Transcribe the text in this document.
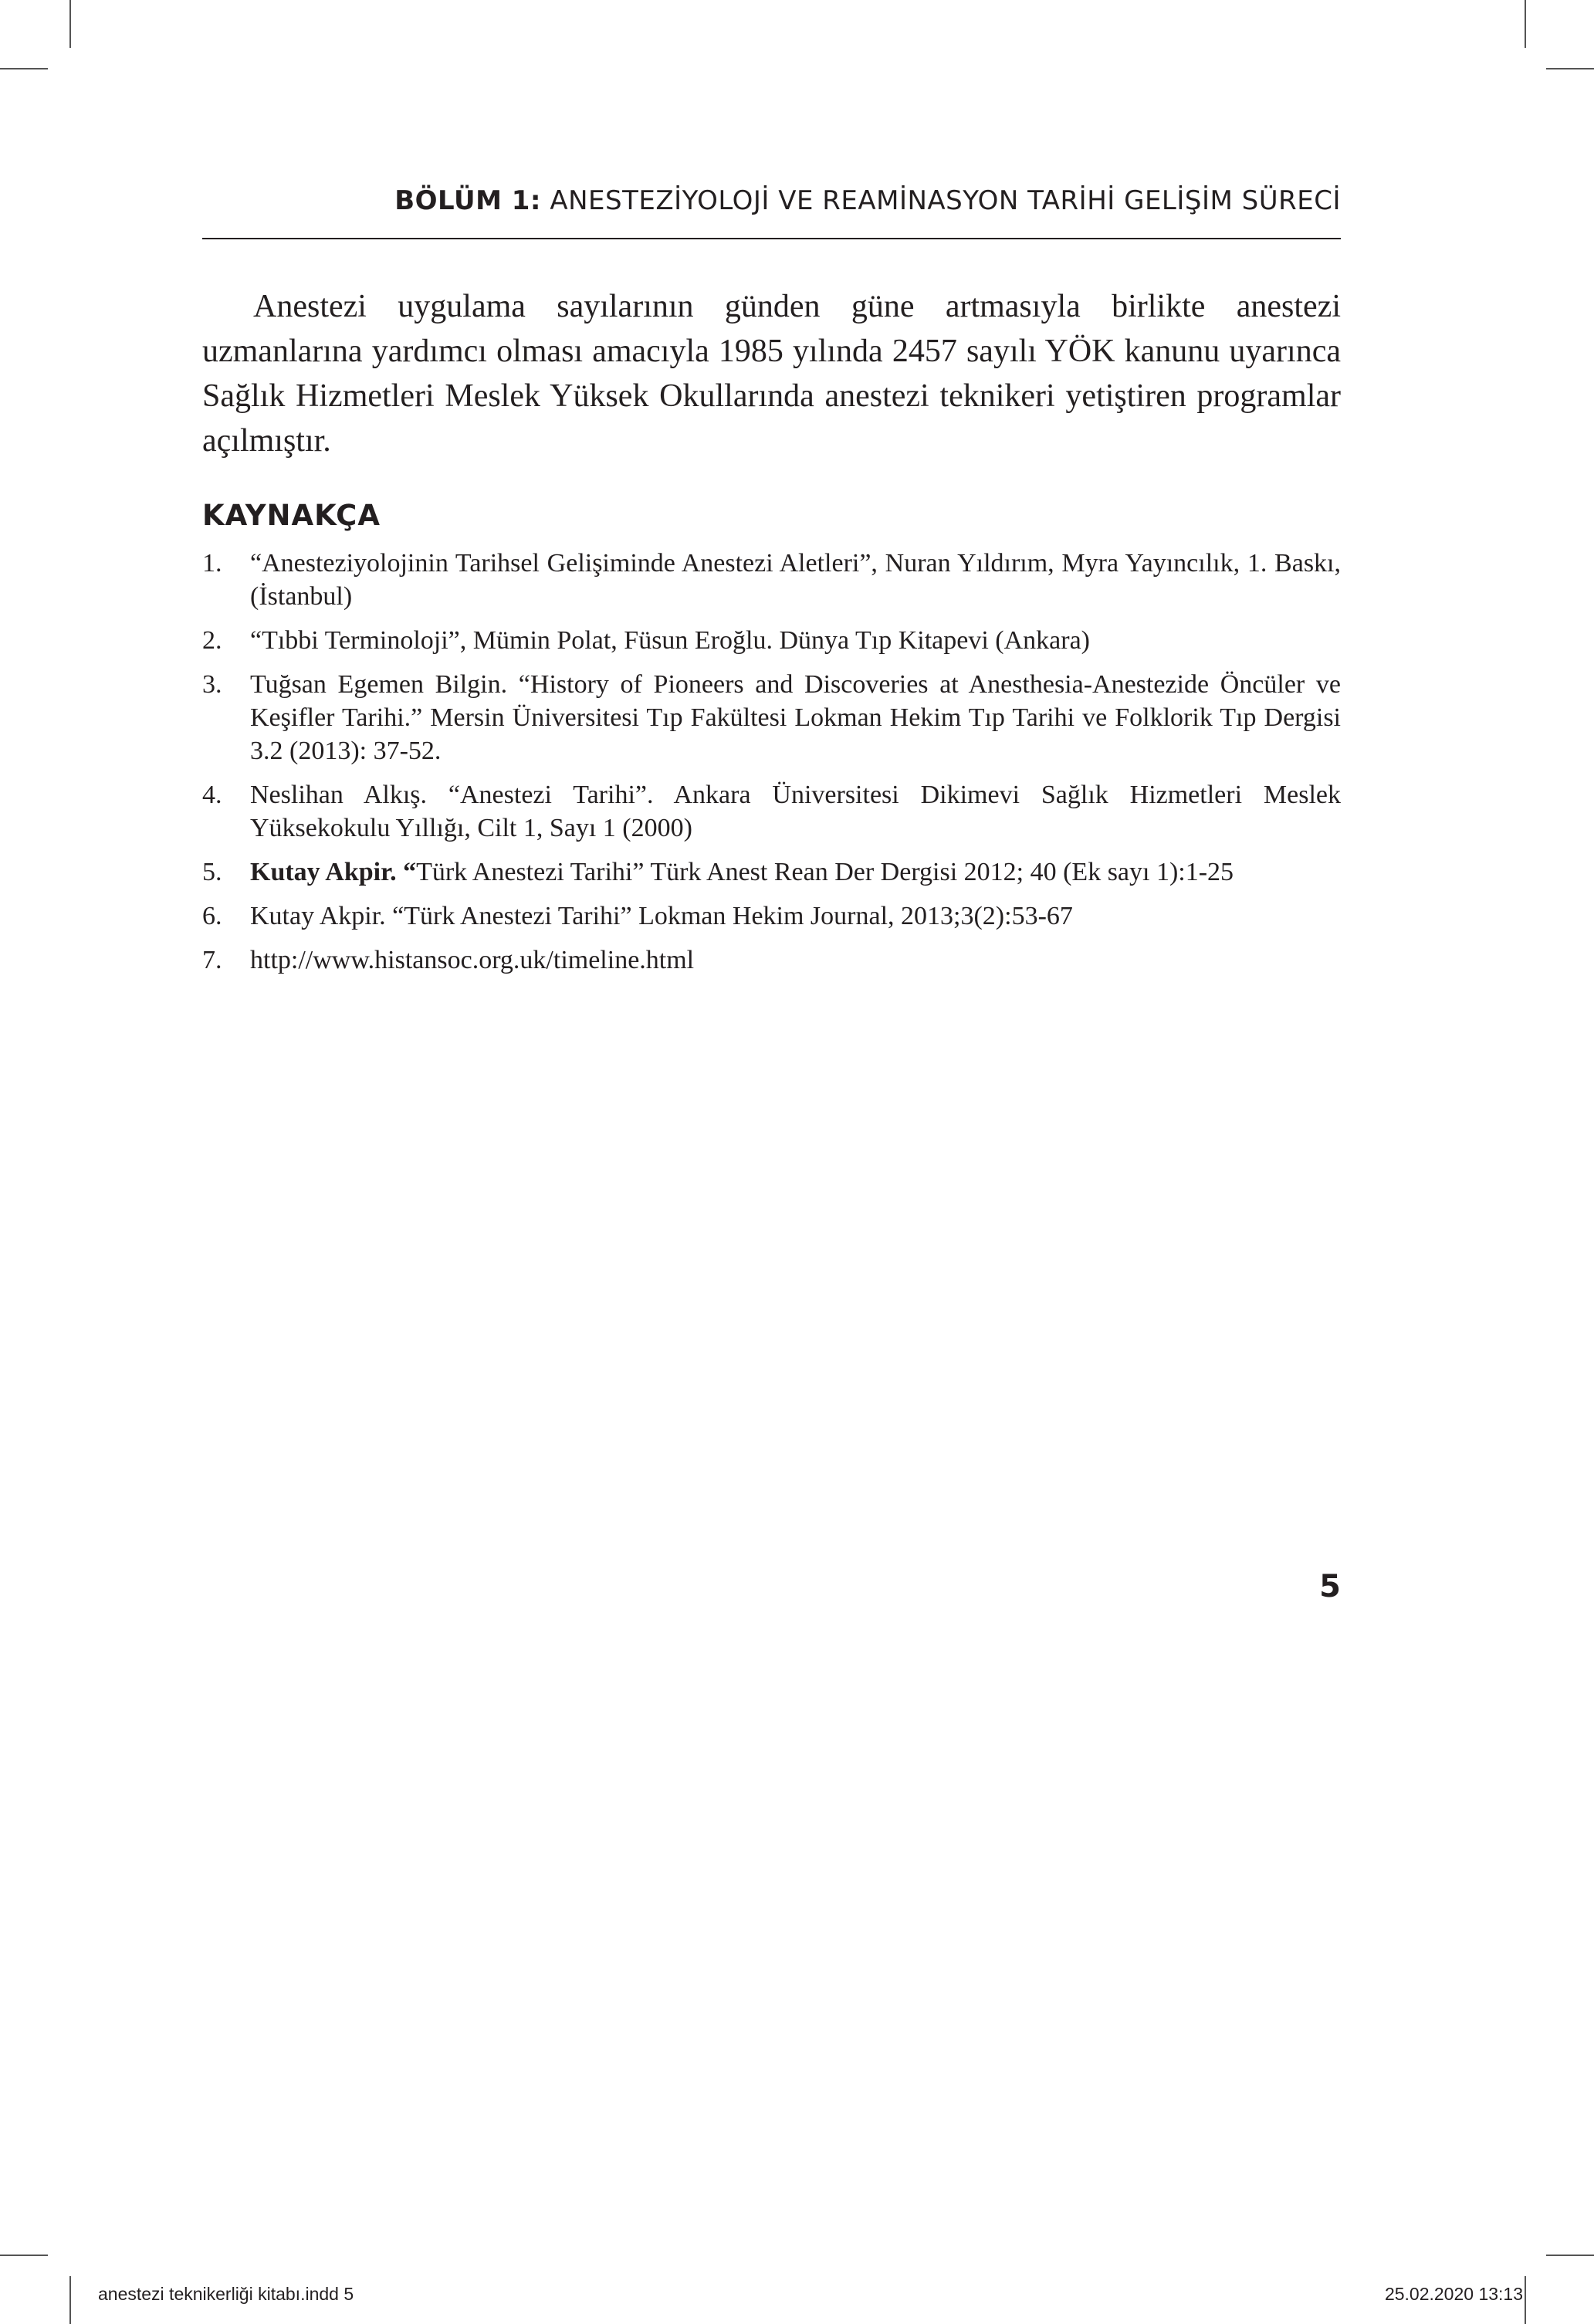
BÖLÜM 1: ANESTEZİYOLOJİ VE REAMİNASYON TARİHİ GELİŞİM SÜRECİ

Anestezi uygulama sayılarının günden güne artmasıyla birlikte anestezi uzmanlarına yardımcı olması amacıyla 1985 yılında 2457 sayılı YÖK kanunu uyarınca Sağlık Hizmetleri Meslek Yüksek Okullarında anestezi teknikeri yetiştiren programlar açılmıştır.

KAYNAKÇA
1. “Anesteziyolojinin Tarihsel Gelişiminde Anestezi Aletleri”, Nuran Yıldırım, Myra Yayıncılık, 1. Baskı, (İstanbul)
2. “Tıbbi Terminoloji”, Mümin Polat, Füsun Eroğlu. Dünya Tıp Kitapevi (Ankara)
3. Tuğsan Egemen Bilgin. “History of Pioneers and Discoveries at Anesthesia-Anestezide Öncüler ve Keşifler Tarihi.” Mersin Üniversitesi Tıp Fakültesi Lokman Hekim Tıp Tarihi ve Folklorik Tıp Dergisi 3.2 (2013): 37-52.
4. Neslihan Alkış. “Anestezi Tarihi”. Ankara Üniversitesi Dikimevi Sağlık Hizmetleri Meslek Yüksekokulu Yıllığı, Cilt 1, Sayı 1 (2000)
5. Kutay Akpir. “Türk Anestezi Tarihi” Türk Anest Rean Der Dergisi 2012; 40 (Ek sayı 1):1-25
6. Kutay Akpir. “Türk Anestezi Tarihi” Lokman Hekim Journal, 2013;3(2):53-67
7. http://www.histansoc.org.uk/timeline.html
5
anestezi teknikerliği kitabı.indd 5	25.02.2020 13:13
